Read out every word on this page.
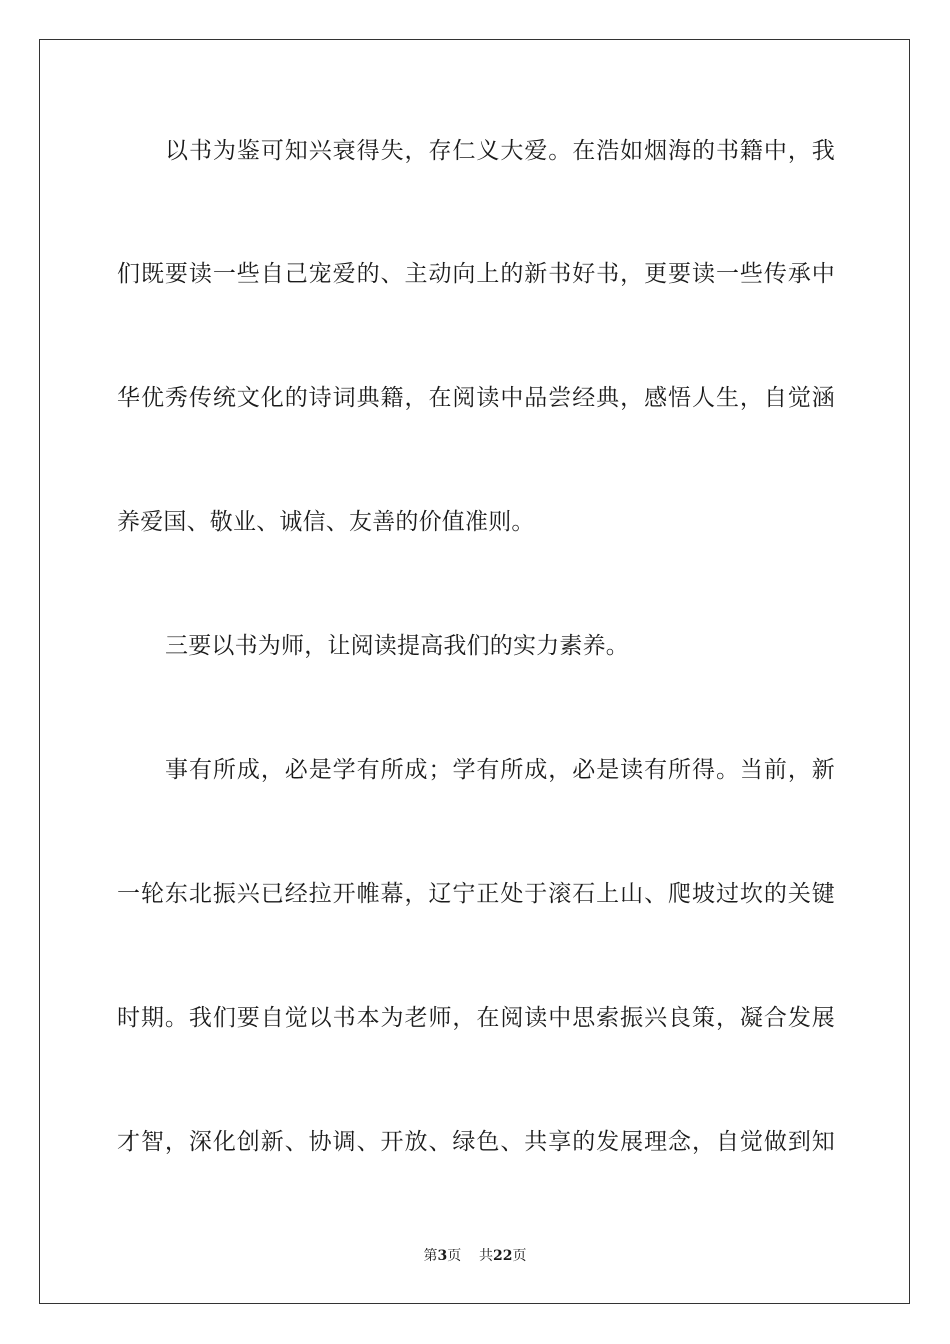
以书为鉴可知兴衰得失，存仁义大爱。在浩如烟海的书籍中，我
们既要读一些自己宠爱的、主动向上的新书好书，更要读一些传承中
华优秀传统文化的诗词典籍，在阅读中品尝经典，感悟人生，自觉涵
养爱国、敬业、诚信、友善的价值准则。
三要以书为师，让阅读提高我们的实力素养。
事有所成，必是学有所成；学有所成，必是读有所得。当前，新
一轮东北振兴已经拉开帷幕，辽宁正处于滚石上山、爬坡过坎的关键
时期。我们要自觉以书本为老师，在阅读中思索振兴良策，凝合发展
才智，深化创新、协调、开放、绿色、共享的发展理念，自觉做到知
第3页 共22页
